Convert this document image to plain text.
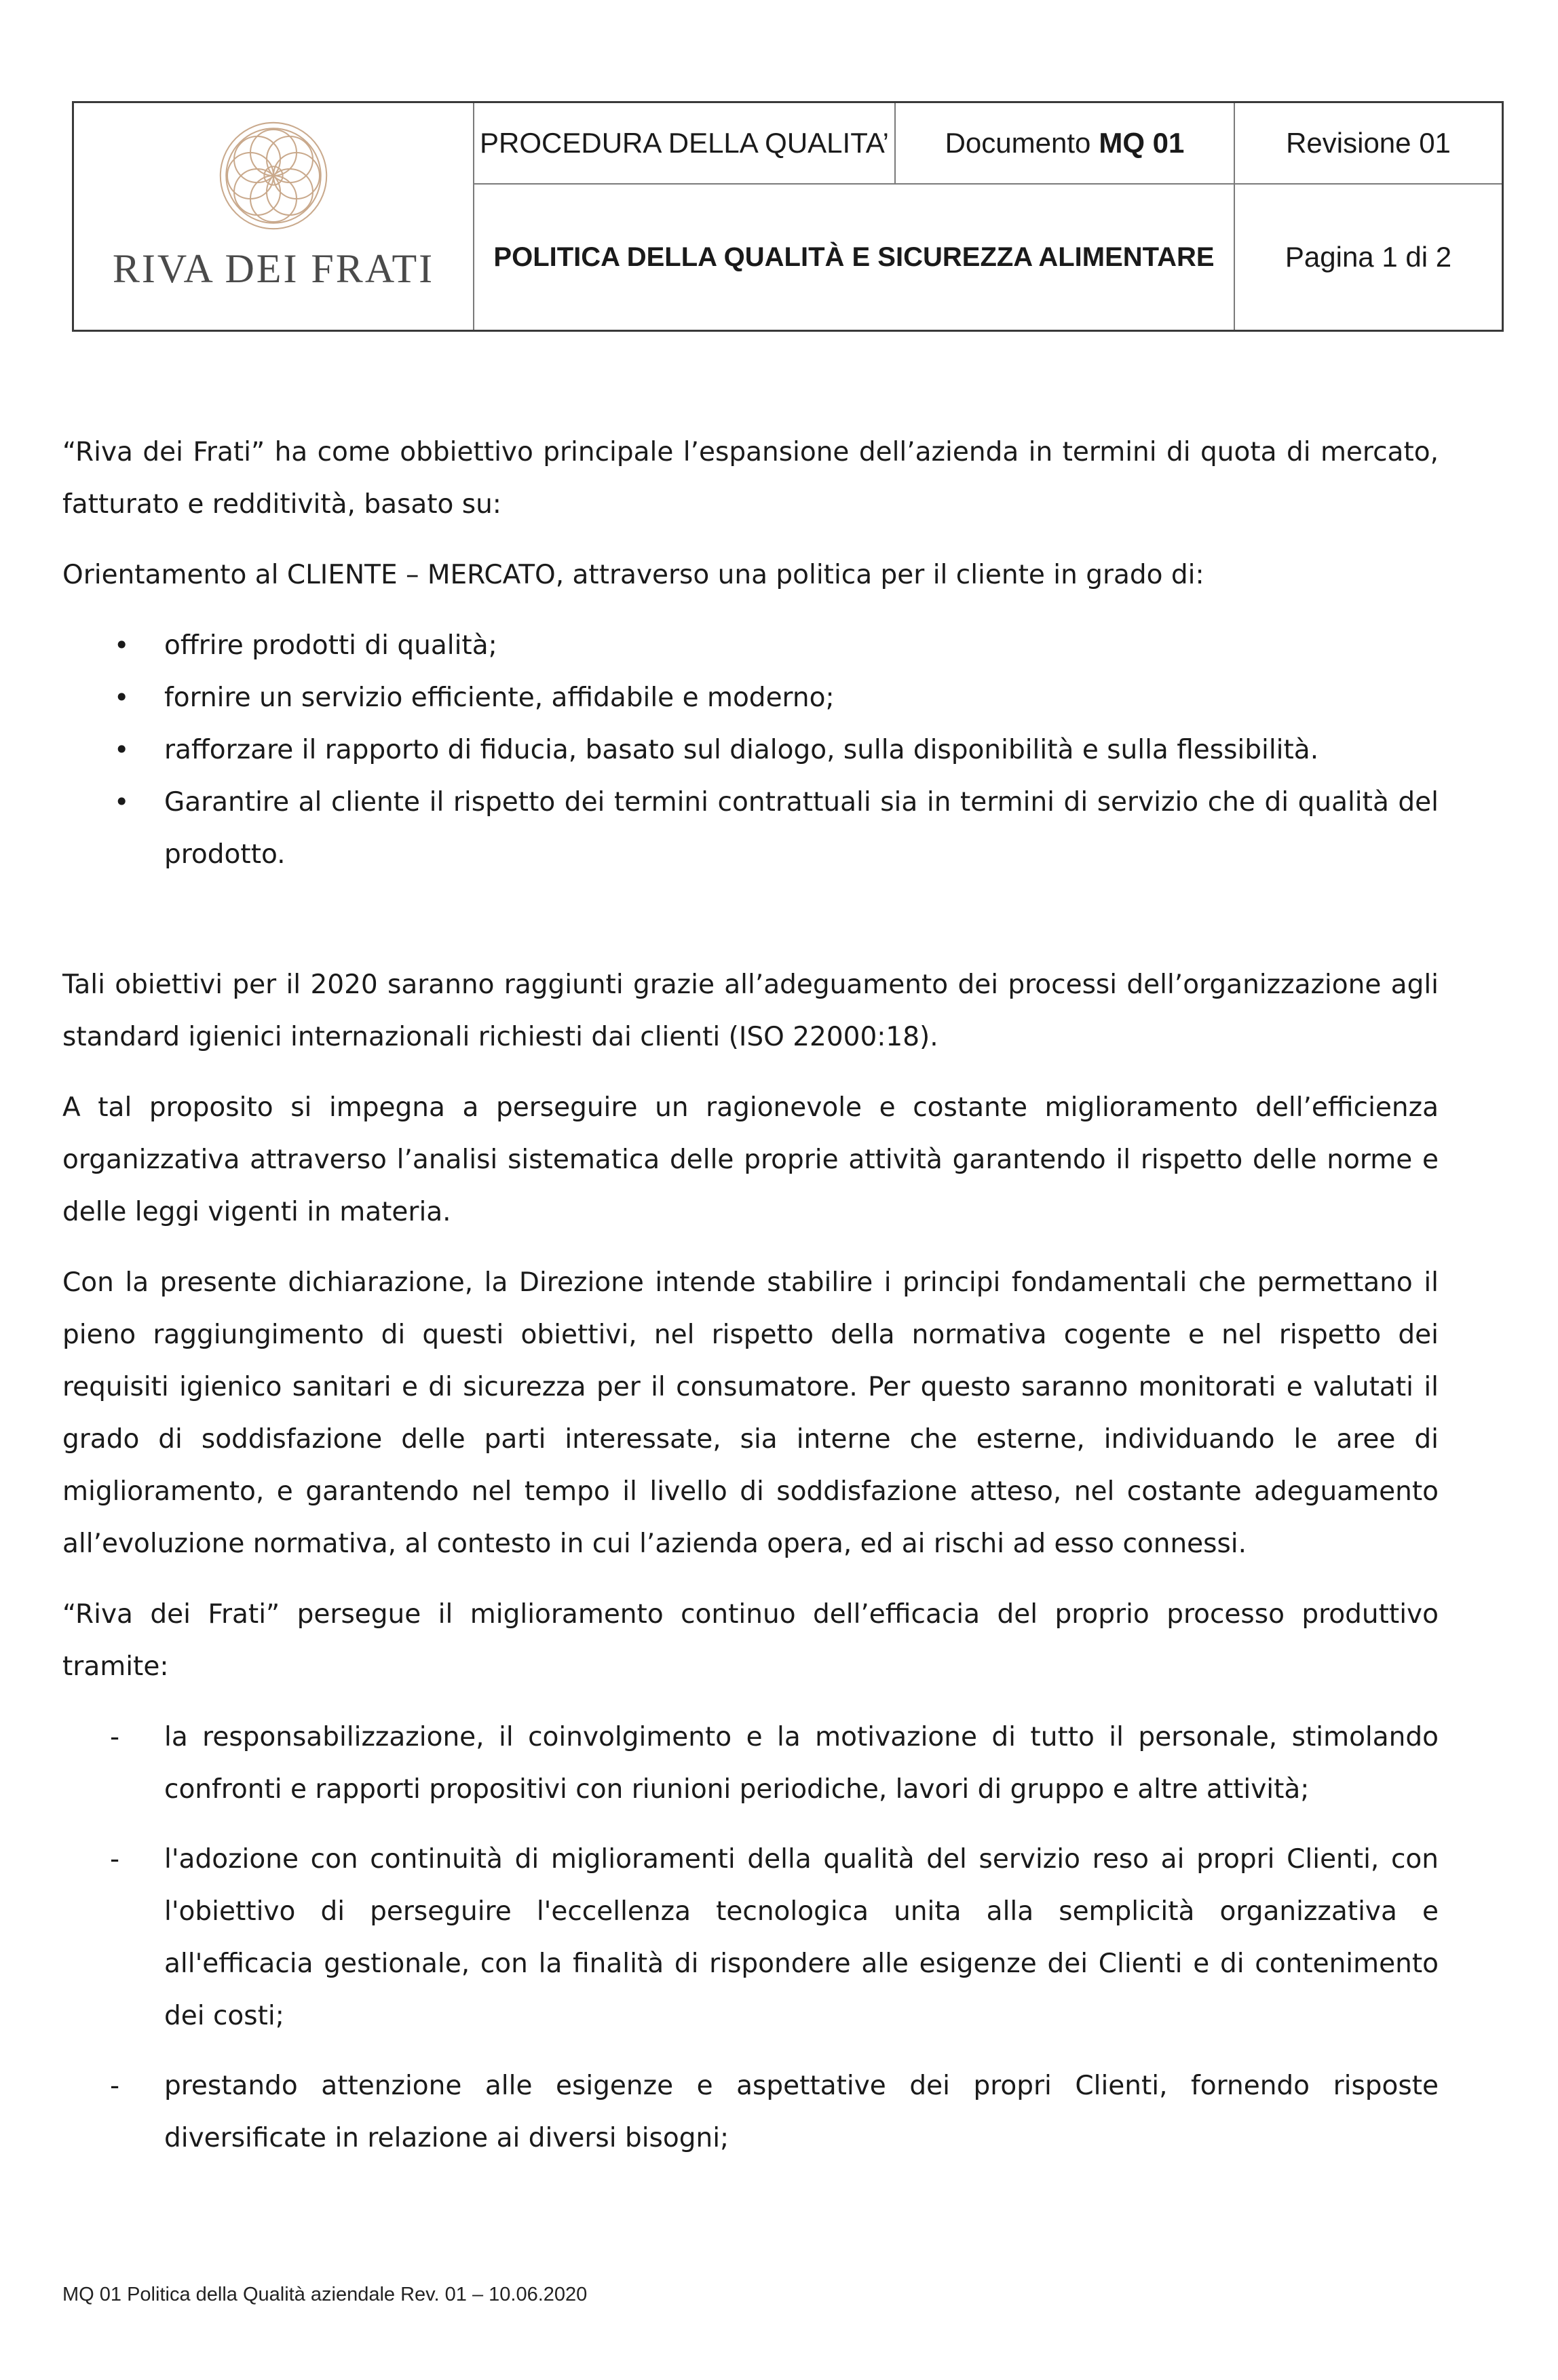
RIVA DEI FRATI
PROCEDURA DELLA QUALITA’ Documento MQ 01	Revisione 01
POLITICA DELLA QUALITÀ E SICUREZZA ALIMENTARE	Pagina 1 di 2

“Riva dei Frati” ha come obbiettivo principale l’espansione dell’azienda in termini di quota di mercato, fatturato e redditività, basato su:

Orientamento al CLIENTE – MERCATO, attraverso una politica per il cliente in grado di:

• offrire prodotti di qualità;
• fornire un servizio efficiente, affidabile e moderno;
• rafforzare il rapporto di fiducia, basato sul dialogo, sulla disponibilità e sulla flessibilità.
• Garantire al cliente il rispetto dei termini contrattuali sia in termini di servizio che di qualità del prodotto.

Tali obiettivi per il 2020 saranno raggiunti grazie all’adeguamento dei processi dell’organizzazione agli standard igienici internazionali richiesti dai clienti (ISO 22000:18).

A tal proposito si impegna a perseguire un ragionevole e costante miglioramento dell’efficienza organizzativa attraverso l’analisi sistematica delle proprie attività garantendo il rispetto delle norme e delle leggi vigenti in materia.

Con la presente dichiarazione, la Direzione intende stabilire i principi fondamentali che permettano il pieno raggiungimento di questi obiettivi, nel rispetto della normativa cogente e nel rispetto dei requisiti igienico sanitari e di sicurezza per il consumatore. Per questo saranno monitorati e valutati il grado di soddisfazione delle parti interessate, sia interne che esterne, individuando le aree di miglioramento, e garantendo nel tempo il livello di soddisfazione atteso, nel costante adeguamento all’evoluzione normativa, al contesto in cui l’azienda opera, ed ai rischi ad esso connessi.

“Riva dei Frati” persegue il miglioramento continuo dell’efficacia del proprio processo produttivo tramite:

- la responsabilizzazione, il coinvolgimento e la motivazione di tutto il personale, stimolando confronti e rapporti propositivi con riunioni periodiche, lavori di gruppo e altre attività;
- l'adozione con continuità di miglioramenti della qualità del servizio reso ai propri Clienti, con l'obiettivo di perseguire l'eccellenza tecnologica unita alla semplicità organizzativa e all'efficacia gestionale, con la finalità di rispondere alle esigenze dei Clienti e di contenimento dei costi;
- prestando attenzione alle esigenze e aspettative dei propri Clienti, fornendo risposte diversificate in relazione ai diversi bisogni;
MQ 01 Politica della Qualità aziendale Rev. 01 – 10.06.2020
